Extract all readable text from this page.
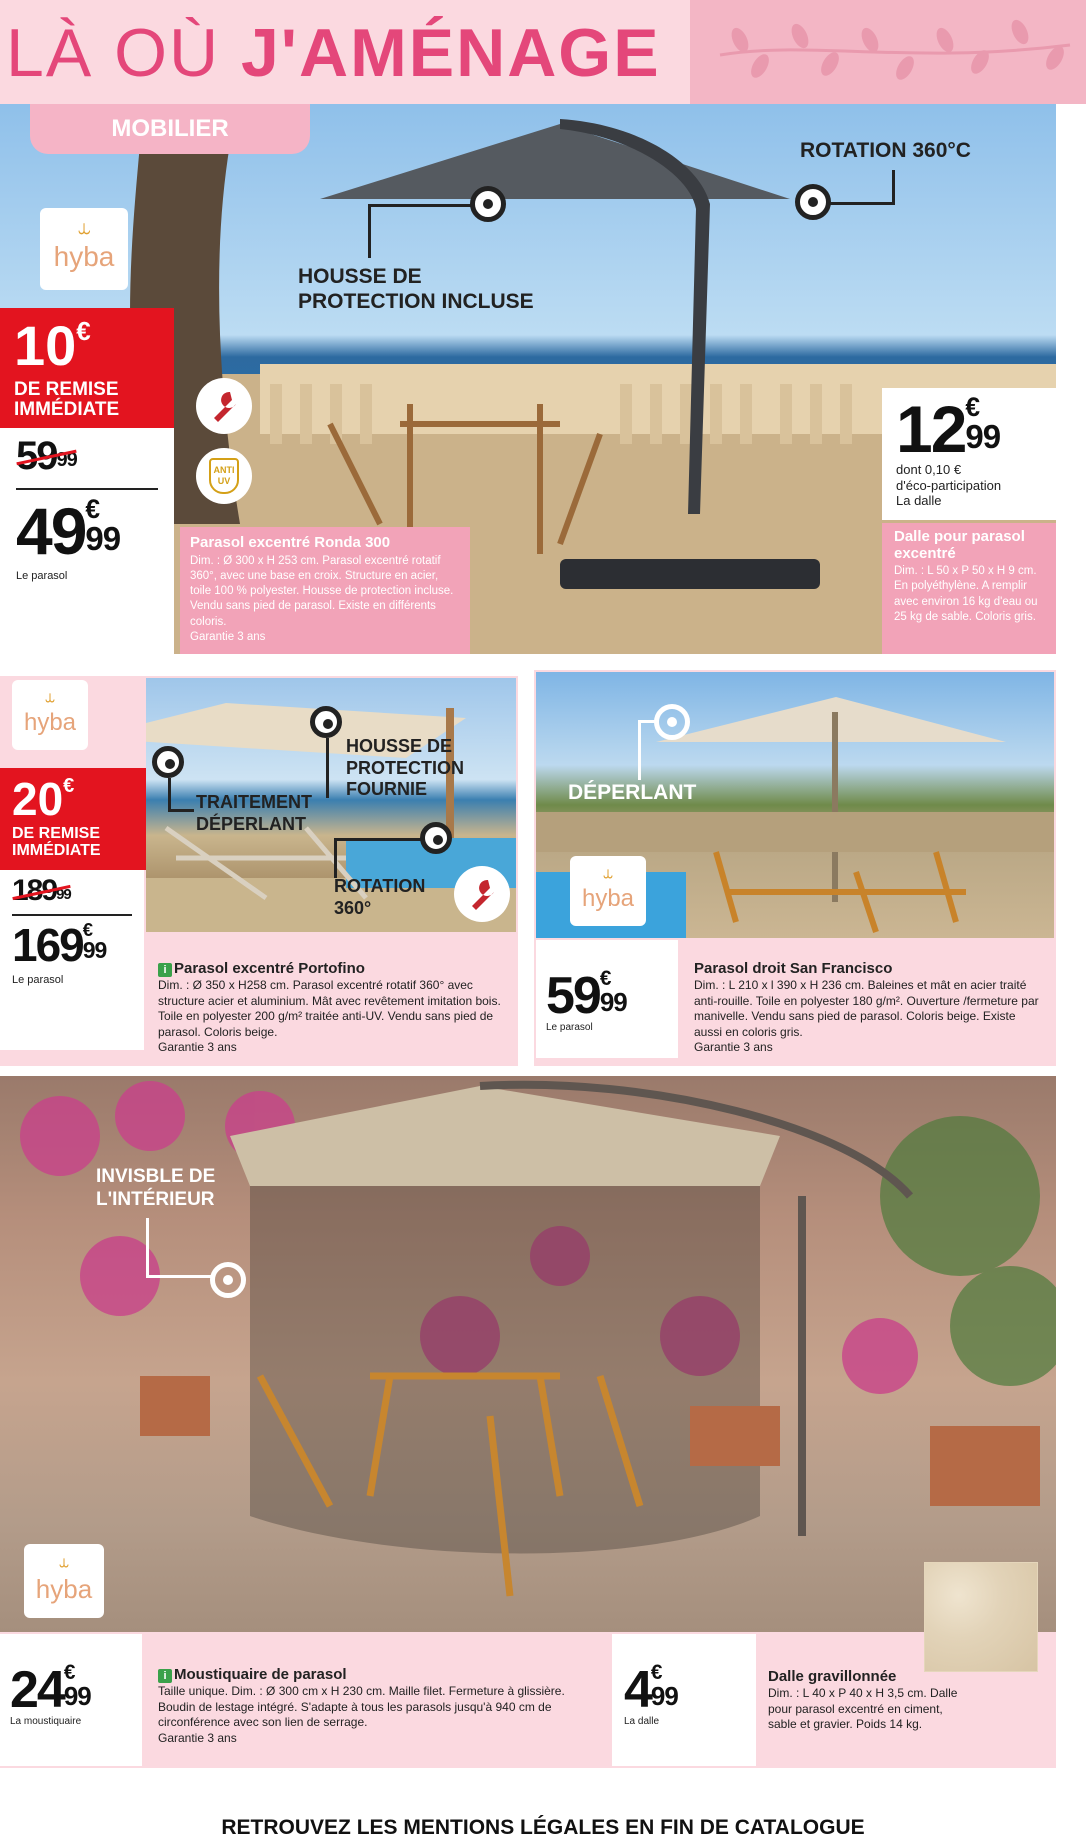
LÀ OÙ J'AMÉNAGE
MOBILIER
⥿
hyba
HOUSSE DE
PROTECTION INCLUSE
ROTATION 360°C
ANTI
UV
10€
DE REMISE
IMMÉDIATE
59

99
49 €
99
Le parasol
Parasol excentré Ronda 300
Dim. : Ø 300 x H 253 cm. Parasol excentré rotatif 360°, avec une base en croix. Structure en acier, toile 100 % polyester. Housse de protection incluse. Vendu sans pied de parasol. Existe en différents coloris.
Garantie 3 ans
12 €
99
dont 0,10 €
d'éco-participation
La dalle
Dalle pour parasol excentré
Dim. : L 50 x P 50 x H 9 cm. En polyéthylène. A remplir avec environ 16 kg d'eau ou 25 kg de sable. Coloris gris.
⥿
hyba
20€
DE REMISE
IMMÉDIATE
189

99
169 €
99
Le parasol
TRAITEMENT
DÉPERLANT
HOUSSE DE
PROTECTION
FOURNIE
ROTATION
360°
i Parasol excentré Portofino
Dim. : Ø 350 x H258 cm. Parasol excentré rotatif 360° avec structure acier et aluminium. Mât avec revêtement imitation bois. Toile en polyester 200 g/m² traitée anti-UV. Vendu sans pied de parasol. Coloris beige.
Garantie 3 ans
DÉPERLANT
⥿
hyba
59 €
99
Le parasol
Parasol droit San Francisco
Dim. : L 210 x l 390 x H 236 cm. Baleines et mât en acier traité anti-rouille. Toile en polyester 180 g/m². Ouverture /fermeture par manivelle. Vendu sans pied de parasol. Coloris beige. Existe aussi en coloris gris.
Garantie 3 ans
INVISBLE DE
L'INTÉRIEUR
⥿
hyba
24 €
99
La moustiquaire
i Moustiquaire de parasol
Taille unique. Dim. : Ø 300 cm x H 230 cm. Maille filet. Fermeture à glissière. Boudin de lestage intégré. S'adapte à tous les parasols jusqu'à 940 cm de circonférence avec son lien de serrage.
Garantie 3 ans
4 €
99
La dalle
Dalle gravillonnée
Dim. : L 40 x P 40 x H 3,5 cm. Dalle pour parasol excentré en ciment, sable et gravier. Poids 14 kg.
RETROUVEZ LES MENTIONS LÉGALES EN FIN DE CATALOGUE
